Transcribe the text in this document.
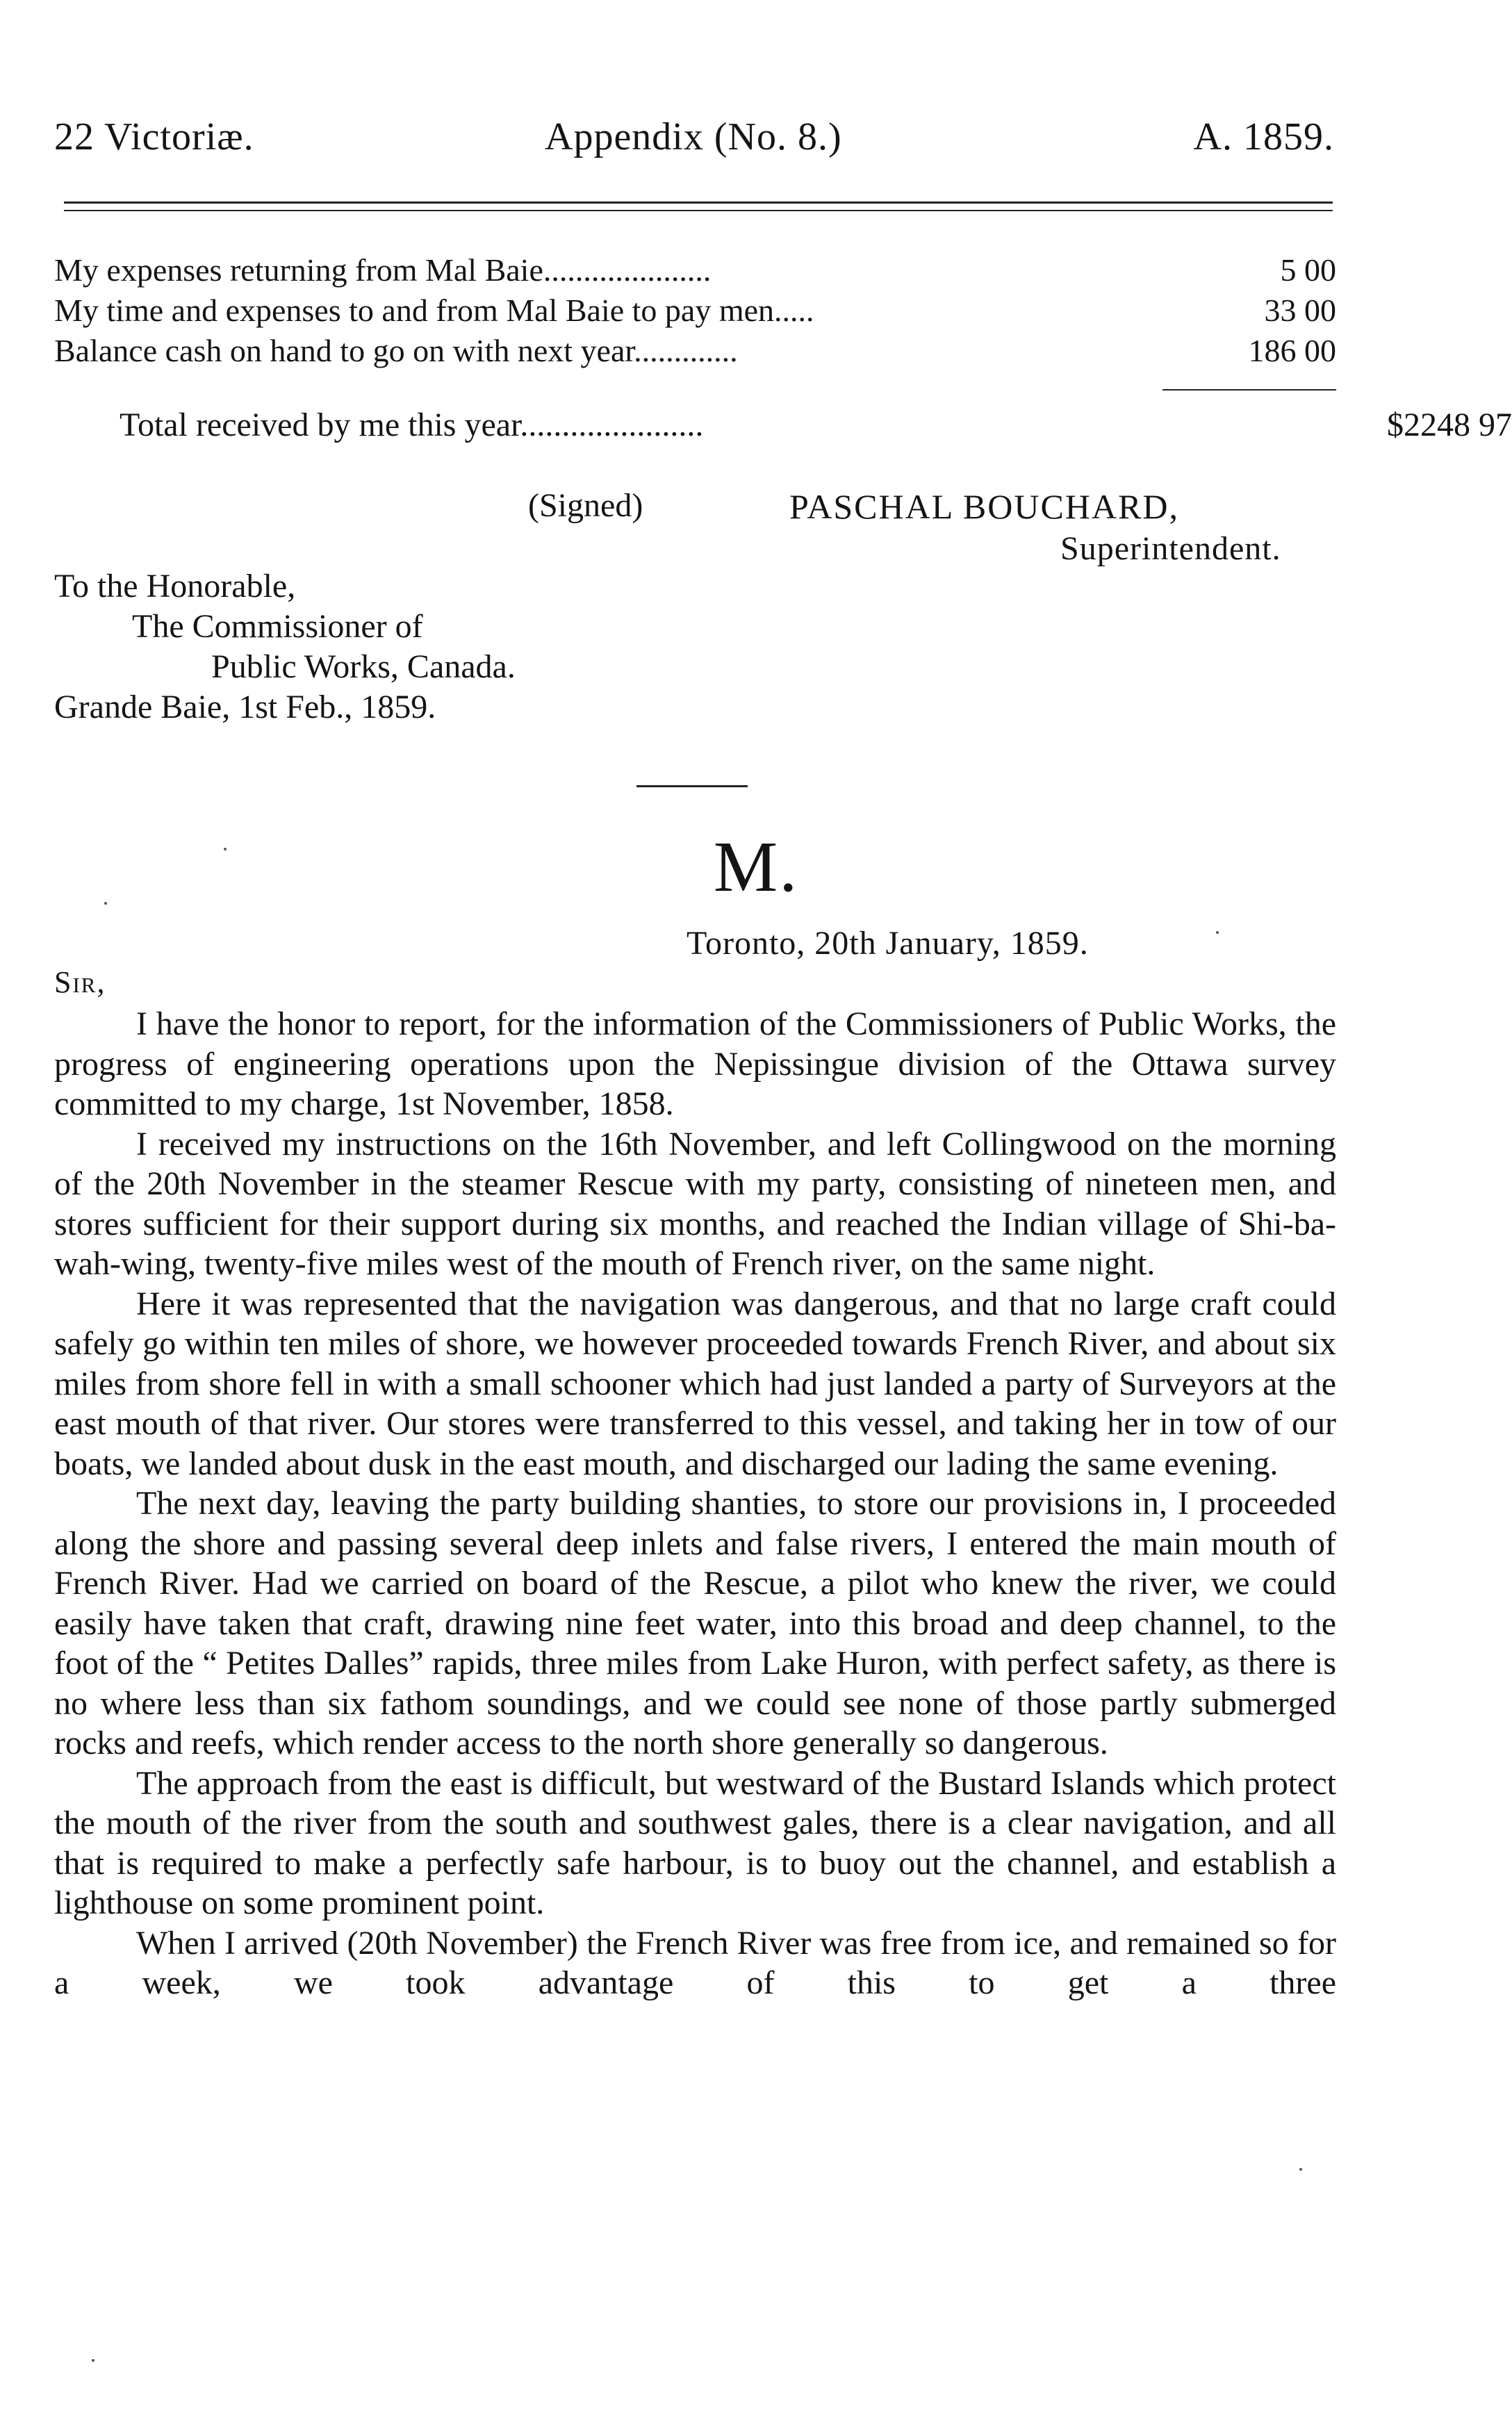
22 Victoriæ.	Appendix (No. 8.)	A. 1859.
My expenses returning from Mal Baie.....................	5 00
My time and expenses to and from Mal Baie to pay men.....	33 00
Balance cash on hand to go on with next year.............	186 00
Total received by me this year......................	$2248 97
(Signed)	PASCHAL BOUCHARD,
Superintendent.
To the Honorable,
The Commissioner of
Public Works, Canada.
Grande Baie, 1st Feb., 1859.
M.
Toronto, 20th January, 1859.
Sir,

I have the honor to report, for the information of the Commissioners of Public Works, the progress of engineering operations upon the Nepissingue division of the Ottawa survey committed to my charge, 1st November, 1858.

I received my instructions on the 16th November, and left Collingwood on the morning of the 20th November in the steamer Rescue with my party, consisting of nineteen men, and stores sufficient for their support during six months, and reached the Indian village of Shi-ba-wah-wing, twenty-five miles west of the mouth of French river, on the same night.

Here it was represented that the navigation was dangerous, and that no large craft could safely go within ten miles of shore, we however proceeded towards French River, and about six miles from shore fell in with a small schooner which had just landed a party of Surveyors at the east mouth of that river. Our stores were transferred to this vessel, and taking her in tow of our boats, we landed about dusk in the east mouth, and discharged our lading the same evening.

The next day, leaving the party building shanties, to store our provisions in, I proceeded along the shore and passing several deep inlets and false rivers, I entered the main mouth of French River. Had we carried on board of the Rescue, a pilot who knew the river, we could easily have taken that craft, drawing nine feet water, into this broad and deep channel, to the foot of the “ Petites Dalles” rapids, three miles from Lake Huron, with perfect safety, as there is no where less than six fathom soundings, and we could see none of those partly submerged rocks and reefs, which render access to the north shore generally so dangerous.

The approach from the east is difficult, but westward of the Bustard Islands which protect the mouth of the river from the south and southwest gales, there is a clear navigation, and all that is required to make a perfectly safe harbour, is to buoy out the channel, and establish a lighthouse on some prominent point.

When I arrived (20th November) the French River was free from ice, and remained so for a week, we took advantage of this to get a three
